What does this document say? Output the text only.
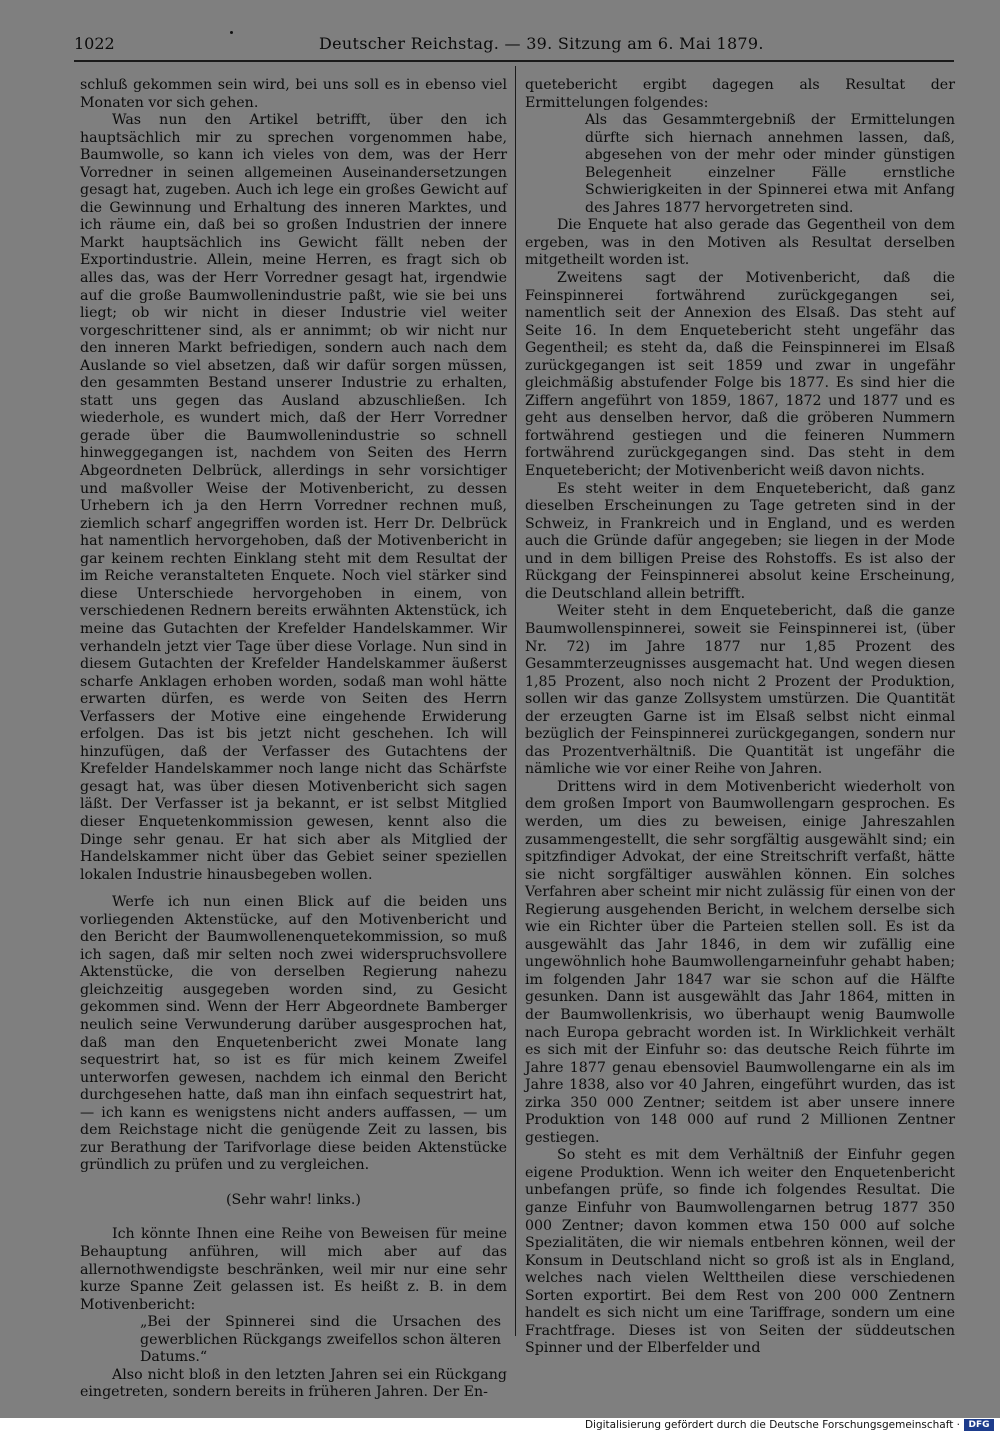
1022	Deutscher Reichstag. — 39. Sitzung am 6. Mai 1879.

schluß gekommen sein wird, bei uns soll es in ebenso viel Monaten vor sich gehen.

Was nun den Artikel betrifft, über den ich hauptsächlich mir zu sprechen vorgenommen habe, Baumwolle, so kann ich vieles von dem, was der Herr Vorredner in seinen allgemeinen Auseinandersetzungen gesagt hat, zugeben. Auch ich lege ein großes Gewicht auf die Gewinnung und Erhaltung des inneren Marktes, und ich räume ein, daß bei so großen Industrien der innere Markt hauptsächlich ins Gewicht fällt neben der Exportindustrie. Allein, meine Herren, es fragt sich ob alles das, was der Herr Vorredner gesagt hat, irgendwie auf die große Baumwollenindustrie paßt, wie sie bei uns liegt; ob wir nicht in dieser Industrie viel weiter vorgeschrittener sind, als er annimmt; ob wir nicht nur den inneren Markt befriedigen, sondern auch nach dem Auslande so viel absetzen, daß wir dafür sorgen müssen, den gesammten Bestand unserer Industrie zu erhalten, statt uns gegen das Ausland abzuschließen. Ich wiederhole, es wundert mich, daß der Herr Vorredner gerade über die Baumwollenindustrie so schnell hinweggegangen ist, nachdem von Seiten des Herrn Abgeordneten Delbrück, allerdings in sehr vorsichtiger und maßvoller Weise der Motivenbericht, zu dessen Urhebern ich ja den Herrn Vorredner rechnen muß, ziemlich scharf angegriffen worden ist. Herr Dr. Delbrück hat namentlich hervorgehoben, daß der Motivenbericht in gar keinem rechten Einklang steht mit dem Resultat der im Reiche veranstalteten Enquete. Noch viel stärker sind diese Unterschiede hervorgehoben in einem, von verschiedenen Rednern bereits erwähnten Aktenstück, ich meine das Gutachten der Krefelder Handelskammer. Wir verhandeln jetzt vier Tage über diese Vorlage. Nun sind in diesem Gutachten der Krefelder Handelskammer äußerst scharfe Anklagen erhoben worden, sodaß man wohl hätte erwarten dürfen, es werde von Seiten des Herrn Verfassers der Motive eine eingehende Erwiderung erfolgen. Das ist bis jetzt nicht geschehen. Ich will hinzufügen, daß der Verfasser des Gutachtens der Krefelder Handelskammer noch lange nicht das Schärfste gesagt hat, was über diesen Motivenbericht sich sagen läßt. Der Verfasser ist ja bekannt, er ist selbst Mitglied dieser Enquetenkommission gewesen, kennt also die Dinge sehr genau. Er hat sich aber als Mitglied der Handelskammer nicht über das Gebiet seiner speziellen lokalen Industrie hinausbegeben wollen.

Werfe ich nun einen Blick auf die beiden uns vorliegenden Aktenstücke, auf den Motivenbericht und den Bericht der Baumwollenenquetekommission, so muß ich sagen, daß mir selten noch zwei widerspruchsvollere Aktenstücke, die von derselben Regierung nahezu gleichzeitig ausgegeben worden sind, zu Gesicht gekommen sind. Wenn der Herr Abgeordnete Bamberger neulich seine Verwunderung darüber ausgesprochen hat, daß man den Enquetenbericht zwei Monate lang sequestrirt hat, so ist es für mich keinem Zweifel unterworfen gewesen, nachdem ich einmal den Bericht durchgesehen hatte, daß man ihn einfach sequestrirt hat, — ich kann es wenigstens nicht anders auffassen, — um dem Reichstage nicht die genügende Zeit zu lassen, bis zur Berathung der Tarifvorlage diese beiden Aktenstücke gründlich zu prüfen und zu vergleichen.

(Sehr wahr! links.)

Ich könnte Ihnen eine Reihe von Beweisen für meine Behauptung anführen, will mich aber auf das allernothwendigste beschränken, weil mir nur eine sehr kurze Spanne Zeit gelassen ist. Es heißt z. B. in dem Motivenbericht:

„Bei der Spinnerei sind die Ursachen des gewerblichen Rückgangs zweifellos schon älteren Datums.“

Also nicht bloß in den letzten Jahren sei ein Rückgang eingetreten, sondern bereits in früheren Jahren. Der En-

quetebericht ergibt dagegen als Resultat der Ermittelungen folgendes:

Als das Gesammtergebniß der Ermittelungen dürfte sich hiernach annehmen lassen, daß, abgesehen von der mehr oder minder günstigen Belegenheit einzelner Fälle ernstliche Schwierigkeiten in der Spinnerei etwa mit Anfang des Jahres 1877 hervorgetreten sind.

Die Enquete hat also gerade das Gegentheil von dem ergeben, was in den Motiven als Resultat derselben mitgetheilt worden ist.

Zweitens sagt der Motivenbericht, daß die Feinspinnerei fortwährend zurückgegangen sei, namentlich seit der Annexion des Elsaß. Das steht auf Seite 16. In dem Enquetebericht steht ungefähr das Gegentheil; es steht da, daß die Feinspinnerei im Elsaß zurückgegangen ist seit 1859 und zwar in ungefähr gleichmäßig abstufender Folge bis 1877. Es sind hier die Ziffern angeführt von 1859, 1867, 1872 und 1877 und es geht aus denselben hervor, daß die gröberen Nummern fortwährend gestiegen und die feineren Nummern fortwährend zurückgegangen sind. Das steht in dem Enquetebericht; der Motivenbericht weiß davon nichts.

Es steht weiter in dem Enquetebericht, daß ganz dieselben Erscheinungen zu Tage getreten sind in der Schweiz, in Frankreich und in England, und es werden auch die Gründe dafür angegeben; sie liegen in der Mode und in dem billigen Preise des Rohstoffs. Es ist also der Rückgang der Feinspinnerei absolut keine Erscheinung, die Deutschland allein betrifft.

Weiter steht in dem Enquetebericht, daß die ganze Baumwollenspinnerei, soweit sie Feinspinnerei ist, (über Nr. 72) im Jahre 1877 nur 1,85 Prozent des Gesammterzeugnisses ausgemacht hat. Und wegen diesen 1,85 Prozent, also noch nicht 2 Prozent der Produktion, sollen wir das ganze Zollsystem umstürzen. Die Quantität der erzeugten Garne ist im Elsaß selbst nicht einmal bezüglich der Feinspinnerei zurückgegangen, sondern nur das Prozentverhältniß. Die Quantität ist ungefähr die nämliche wie vor einer Reihe von Jahren.

Drittens wird in dem Motivenbericht wiederholt von dem großen Import von Baumwollengarn gesprochen. Es werden, um dies zu beweisen, einige Jahreszahlen zusammengestellt, die sehr sorgfältig ausgewählt sind; ein spitzfindiger Advokat, der eine Streitschrift verfaßt, hätte sie nicht sorgfältiger auswählen können. Ein solches Verfahren aber scheint mir nicht zulässig für einen von der Regierung ausgehenden Bericht, in welchem derselbe sich wie ein Richter über die Parteien stellen soll. Es ist da ausgewählt das Jahr 1846, in dem wir zufällig eine ungewöhnlich hohe Baumwollengarneinfuhr gehabt haben; im folgenden Jahr 1847 war sie schon auf die Hälfte gesunken. Dann ist ausgewählt das Jahr 1864, mitten in der Baumwollenkrisis, wo überhaupt wenig Baumwolle nach Europa gebracht worden ist. In Wirklichkeit verhält es sich mit der Einfuhr so: das deutsche Reich führte im Jahre 1877 genau ebensoviel Baumwollengarne ein als im Jahre 1838, also vor 40 Jahren, eingeführt wurden, das ist zirka 350 000 Zentner; seitdem ist aber unsere innere Produktion von 148 000 auf rund 2 Millionen Zentner gestiegen.

So steht es mit dem Verhältniß der Einfuhr gegen eigene Produktion. Wenn ich weiter den Enquetenbericht unbefangen prüfe, so finde ich folgendes Resultat. Die ganze Einfuhr von Baumwollengarnen betrug 1877 350 000 Zentner; davon kommen etwa 150 000 auf solche Spezialitäten, die wir niemals entbehren können, weil der Konsum in Deutschland nicht so groß ist als in England, welches nach vielen Welttheilen diese verschiedenen Sorten exportirt. Bei dem Rest von 200 000 Zentnern handelt es sich nicht um eine Tariffrage, sondern um eine Frachtfrage. Dieses ist von Seiten der süddeutschen Spinner und der Elberfelder und

Digitalisierung gefördert durch die Deutsche Forschungsgemeinschaft · DFG
